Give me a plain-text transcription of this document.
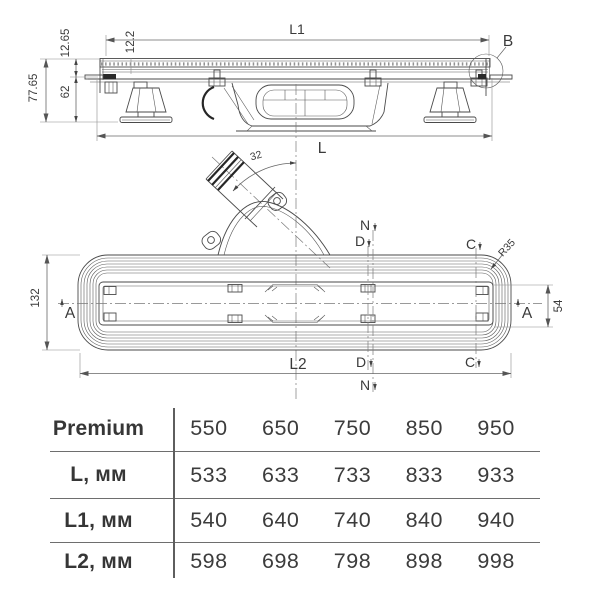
B
L1
L
77.65
12.65
62
12.2
32
N
D	C
D
N
C
A	A
R35
132	54
L2
Premium	550	650	750	850	950
L, мм	533	633	733	833	933
L1, мм	540	640	740	840	940
L2, мм	598	698	798	898	998
